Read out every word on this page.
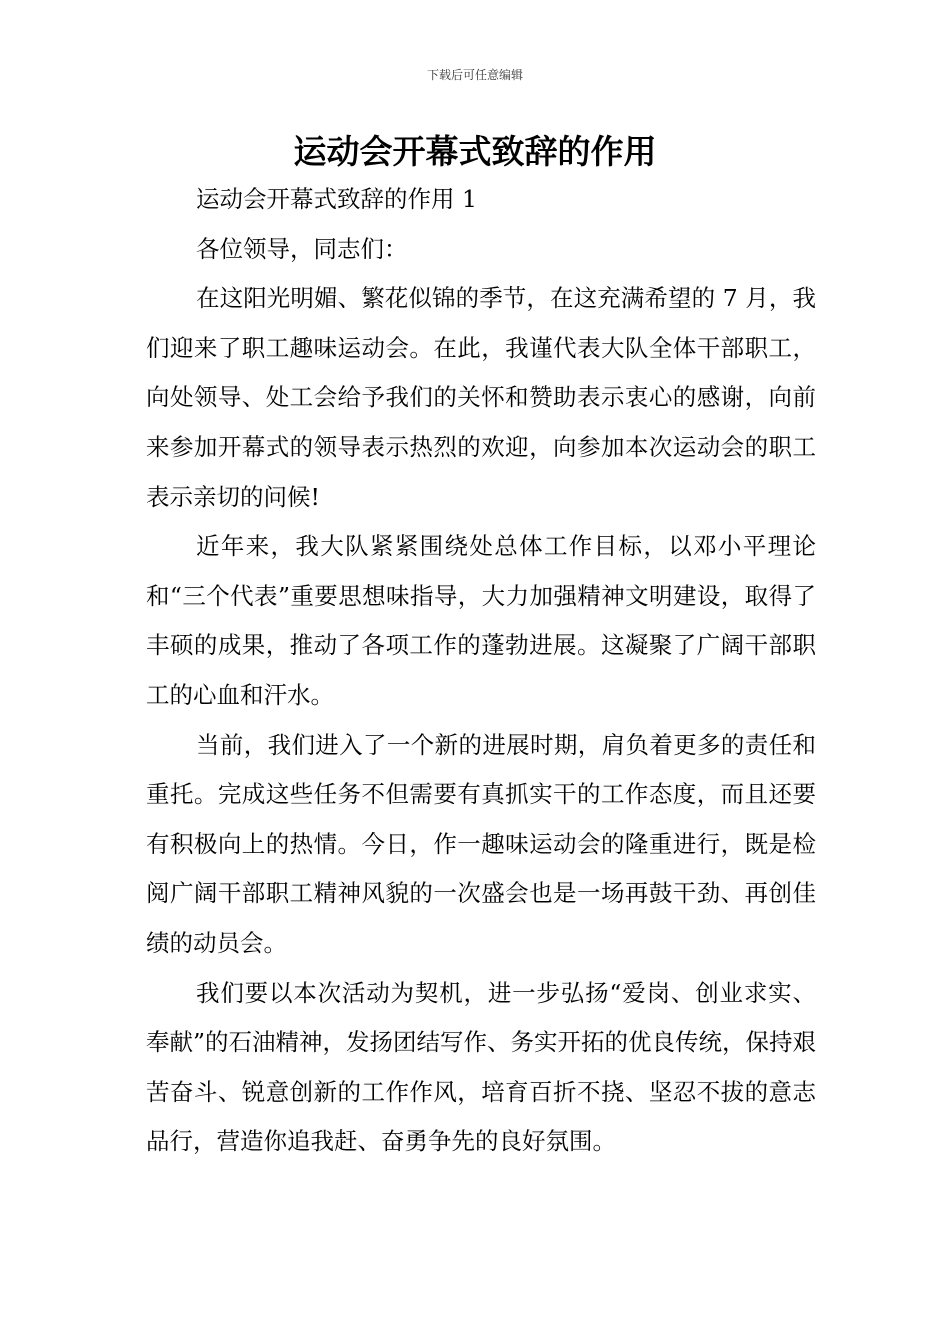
下载后可任意编辑
运动会开幕式致辞的作用

运动会开幕式致辞的作用 1

各位领导，同志们：

在这阳光明媚、繁花似锦的季节，在这充满希望的 7 月，我们迎来了职工趣味运动会。在此，我谨代表大队全体干部职工，向处领导、处工会给予我们的关怀和赞助表示衷心的感谢，向前来参加开幕式的领导表示热烈的欢迎，向参加本次运动会的职工表示亲切的问候!

近年来，我大队紧紧围绕处总体工作目标，以邓小平理论和“三个代表”重要思想味指导，大力加强精神文明建设，取得了丰硕的成果，推动了各项工作的蓬勃进展。这凝聚了广阔干部职工的心血和汗水。

当前，我们进入了一个新的进展时期，肩负着更多的责任和重托。完成这些任务不但需要有真抓实干的工作态度，而且还要有积极向上的热情。今日，作一趣味运动会的隆重进行，既是检阅广阔干部职工精神风貌的一次盛会也是一场再鼓干劲、再创佳绩的动员会。

我们要以本次活动为契机，进一步弘扬“爱岗、创业求实、奉献”的石油精神，发扬团结写作、务实开拓的优良传统，保持艰苦奋斗、锐意创新的工作作风，培育百折不挠、坚忍不拔的意志品行，营造你追我赶、奋勇争先的良好氛围。
